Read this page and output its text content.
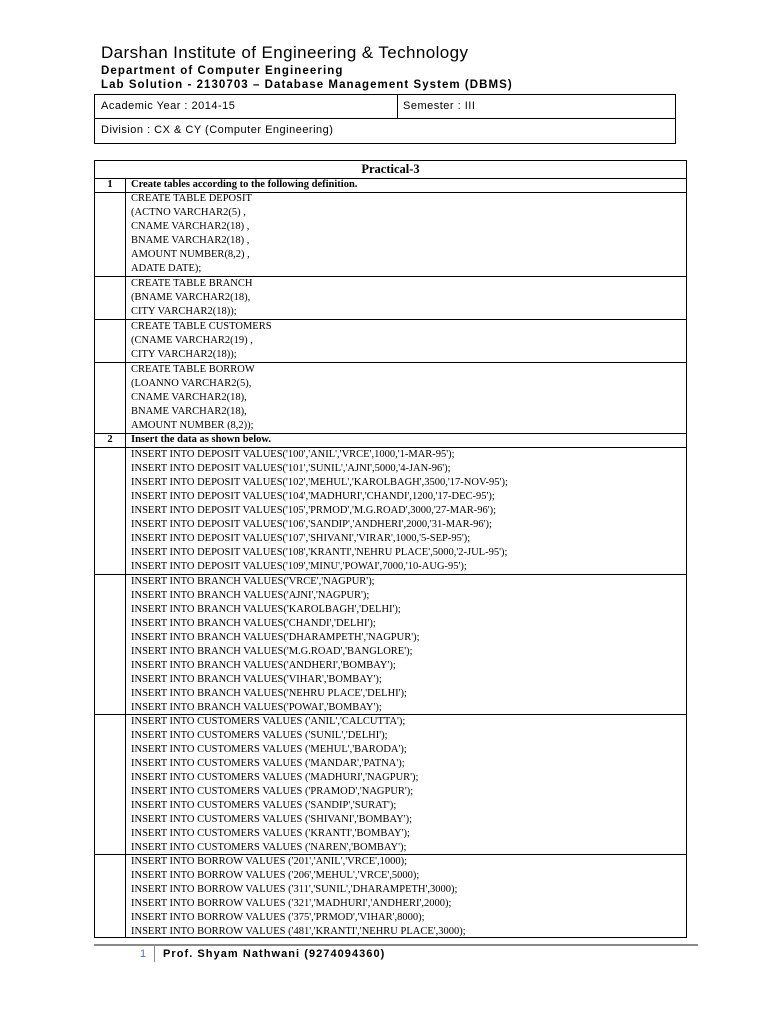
Darshan Institute of Engineering & Technology
Department of Computer Engineering
Lab Solution - 2130703 – Database Management System (DBMS)
Academic Year : 2014-15	Semester : III
Division : CX & CY (Computer Engineering)
Practical-3
1	Create tables according to the following definition.
CREATE TABLE DEPOSIT
(ACTNO VARCHAR2(5) ,
CNAME VARCHAR2(18) ,
BNAME VARCHAR2(18) ,
AMOUNT NUMBER(8,2) ,
ADATE DATE);
CREATE TABLE BRANCH
(BNAME VARCHAR2(18),
CITY VARCHAR2(18));
CREATE TABLE CUSTOMERS
(CNAME VARCHAR2(19) ,
CITY VARCHAR2(18));
CREATE TABLE BORROW
(LOANNO VARCHAR2(5),
CNAME VARCHAR2(18),
BNAME VARCHAR2(18),
AMOUNT NUMBER (8,2));
2	Insert the data as shown below.
INSERT INTO DEPOSIT VALUES('100','ANIL','VRCE',1000,'1-MAR-95');
INSERT INTO DEPOSIT VALUES('101','SUNIL','AJNI',5000,'4-JAN-96');
INSERT INTO DEPOSIT VALUES('102','MEHUL','KAROLBAGH',3500,'17-NOV-95');
INSERT INTO DEPOSIT VALUES('104','MADHURI','CHANDI',1200,'17-DEC-95');
INSERT INTO DEPOSIT VALUES('105','PRMOD','M.G.ROAD',3000,'27-MAR-96');
INSERT INTO DEPOSIT VALUES('106','SANDIP','ANDHERI',2000,'31-MAR-96');
INSERT INTO DEPOSIT VALUES('107','SHIVANI','VIRAR',1000,'5-SEP-95');
INSERT INTO DEPOSIT VALUES('108','KRANTI','NEHRU PLACE',5000,'2-JUL-95');
INSERT INTO DEPOSIT VALUES('109','MINU','POWAI',7000,'10-AUG-95');
INSERT INTO BRANCH VALUES('VRCE','NAGPUR');
INSERT INTO BRANCH VALUES('AJNI','NAGPUR');
INSERT INTO BRANCH VALUES('KAROLBAGH','DELHI');
INSERT INTO BRANCH VALUES('CHANDI','DELHI');
INSERT INTO BRANCH VALUES('DHARAMPETH','NAGPUR');
INSERT INTO BRANCH VALUES('M.G.ROAD','BANGLORE');
INSERT INTO BRANCH VALUES('ANDHERI','BOMBAY');
INSERT INTO BRANCH VALUES('VIHAR','BOMBAY');
INSERT INTO BRANCH VALUES('NEHRU PLACE','DELHI');
INSERT INTO BRANCH VALUES('POWAI','BOMBAY');
INSERT INTO CUSTOMERS VALUES ('ANIL','CALCUTTA');
INSERT INTO CUSTOMERS VALUES ('SUNIL','DELHI');
INSERT INTO CUSTOMERS VALUES ('MEHUL','BARODA');
INSERT INTO CUSTOMERS VALUES ('MANDAR','PATNA');
INSERT INTO CUSTOMERS VALUES ('MADHURI','NAGPUR');
INSERT INTO CUSTOMERS VALUES ('PRAMOD','NAGPUR');
INSERT INTO CUSTOMERS VALUES ('SANDIP','SURAT');
INSERT INTO CUSTOMERS VALUES ('SHIVANI','BOMBAY');
INSERT INTO CUSTOMERS VALUES ('KRANTI','BOMBAY');
INSERT INTO CUSTOMERS VALUES ('NAREN','BOMBAY');
INSERT INTO BORROW VALUES ('201','ANIL','VRCE',1000);
INSERT INTO BORROW VALUES ('206','MEHUL','VRCE',5000);
INSERT INTO BORROW VALUES ('311','SUNIL','DHARAMPETH',3000);
INSERT INTO BORROW VALUES ('321','MADHURI','ANDHERI',2000);
INSERT INTO BORROW VALUES ('375','PRMOD','VIHAR',8000);
INSERT INTO BORROW VALUES ('481','KRANTI','NEHRU PLACE',3000);
1 Prof. Shyam Nathwani (9274094360)
